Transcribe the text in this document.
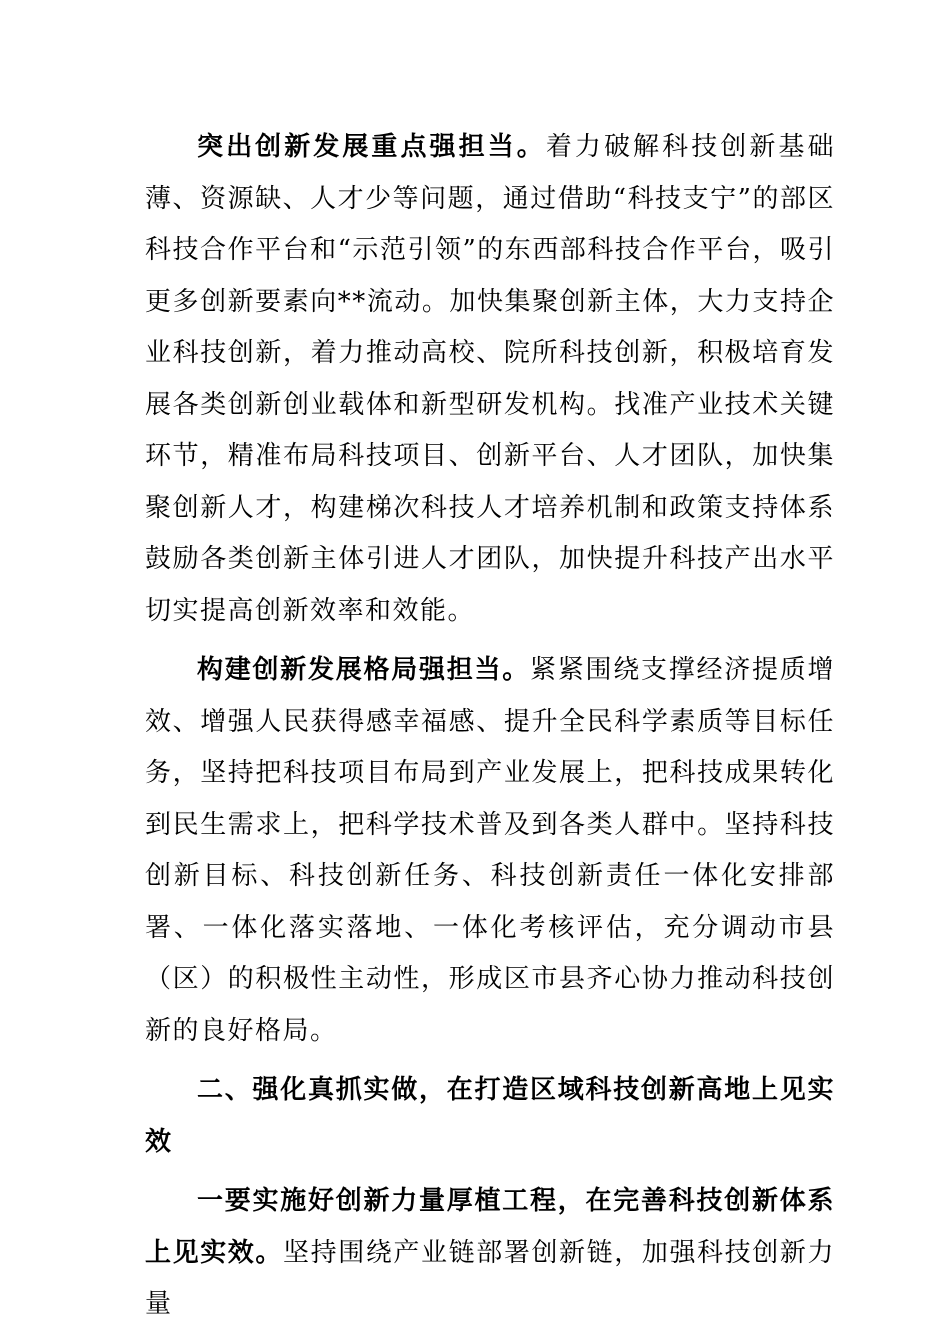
突出创新发展重点强担当。着力破解科技创新基础薄、资源缺、人才少等问题，通过借助“科技支宁”的部区科技合作平台和“示范引领”的东西部科技合作平台，吸引更多创新要素向**流动。加快集聚创新主体，大力支持企业科技创新，着力推动高校、院所科技创新，积极培育发展各类创新创业载体和新型研发机构。找准产业技术关键环节，精准布局科技项目、创新平台、人才团队，加快集聚创新人才，构建梯次科技人才培养机制和政策支持体系鼓励各类创新主体引进人才团队，加快提升科技产出水平切实提高创新效率和效能。

构建创新发展格局强担当。紧紧围绕支撑经济提质增效、增强人民获得感幸福感、提升全民科学素质等目标任务，坚持把科技项目布局到产业发展上，把科技成果转化到民生需求上，把科学技术普及到各类人群中。坚持科技创新目标、科技创新任务、科技创新责任一体化安排部署、一体化落实落地、一体化考核评估，充分调动市县（区）的积极性主动性，形成区市县齐心协力推动科技创新的良好格局。

二、强化真抓实做，在打造区域科技创新高地上见实效

一要实施好创新力量厚植工程，在完善科技创新体系上见实效。坚持围绕产业链部署创新链，加强科技创新力量
